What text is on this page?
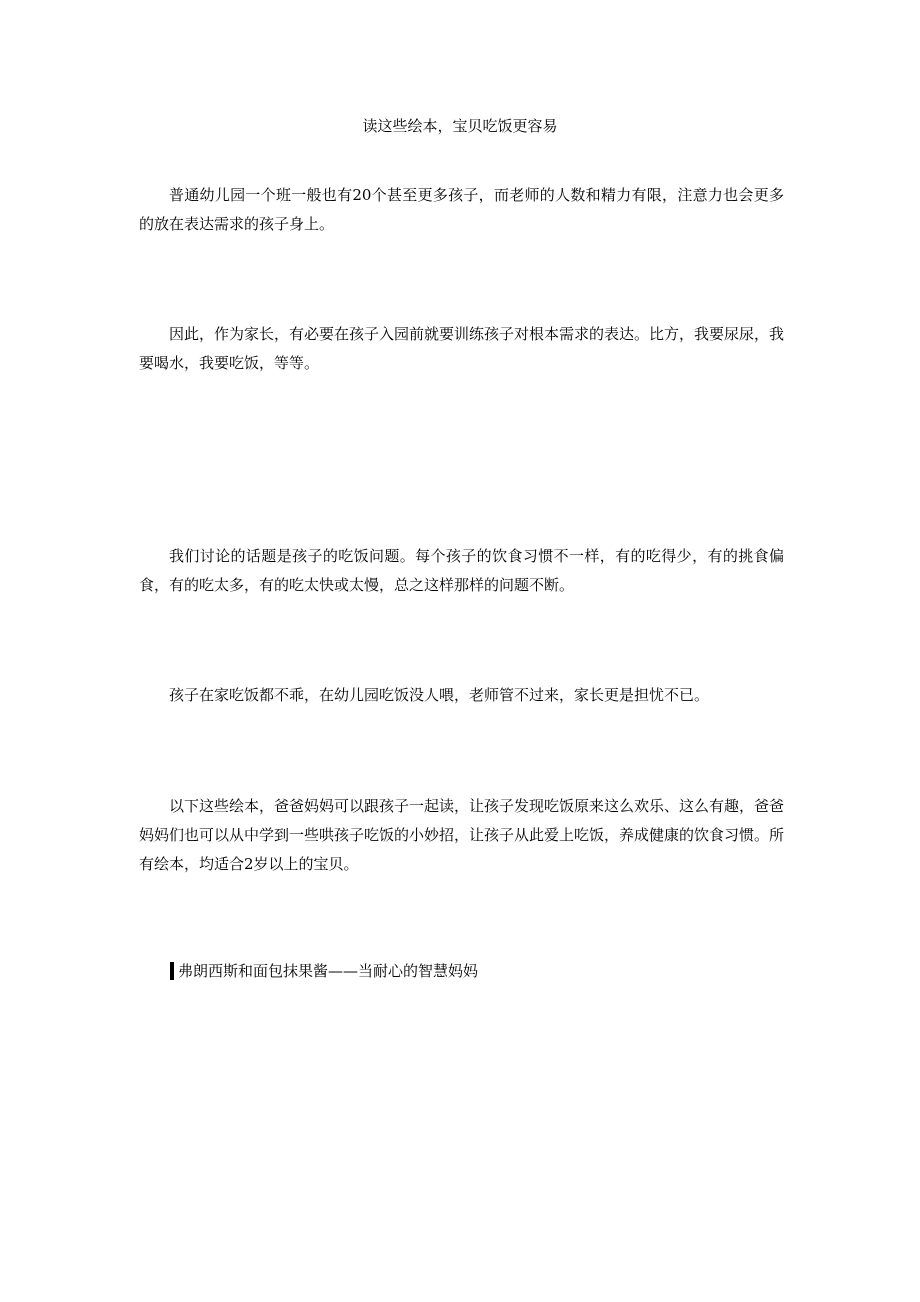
读这些绘本，宝贝吃饭更容易

普通幼儿园一个班一般也有20个甚至更多孩子，而老师的人数和精力有限，注意力也会更多的放在表达需求的孩子身上。

因此，作为家长，有必要在孩子入园前就要训练孩子对根本需求的表达。比方，我要尿尿，我要喝水，我要吃饭，等等。

我们讨论的话题是孩子的吃饭问题。每个孩子的饮食习惯不一样，有的吃得少，有的挑食偏食，有的吃太多，有的吃太快或太慢，总之这样那样的问题不断。

孩子在家吃饭都不乖，在幼儿园吃饭没人喂，老师管不过来，家长更是担忧不已。

以下这些绘本，爸爸妈妈可以跟孩子一起读，让孩子发现吃饭原来这么欢乐、这么有趣，爸爸妈妈们也可以从中学到一些哄孩子吃饭的小妙招，让孩子从此爱上吃饭，养成健康的饮食习惯。所有绘本，均适合2岁以上的宝贝。

弗朗西斯和面包抹果酱——当耐心的智慧妈妈
